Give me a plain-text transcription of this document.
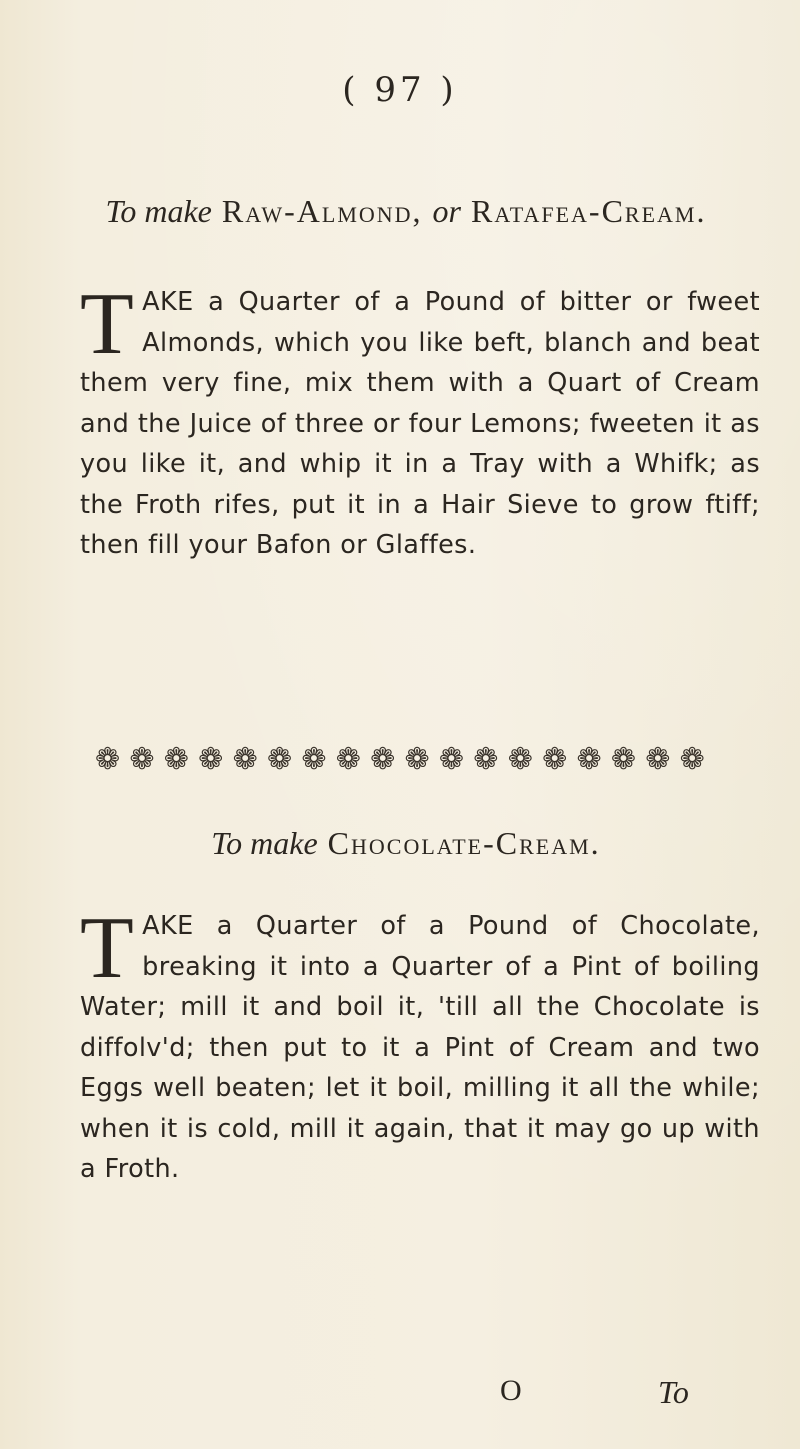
( 97 )
To make Raw-Almond, or Ratafea-Cream.
TAKE a Quarter of a Pound of bitter or fweet Almonds, which you like beft, blanch and beat them very fine, mix them with a Quart of Cream and the Juice of three or four Lemons; fweeten it as you like it, and whip it in a Tray with a Whifk; as the Froth rifes, put it in a Hair Sieve to grow ftiff; then fill your Bafon or Glaffes.
❁ ❁ ❁ ❁ ❁ ❁ ❁ ❁ ❁ ❁ ❁ ❁ ❁ ❁ ❁ ❁ ❁ ❁
To make Chocolate-Cream.
TAKE a Quarter of a Pound of Chocolate, breaking it into a Quarter of a Pint of boiling Water; mill it and boil it, 'till all the Chocolate is diffolv'd; then put to it a Pint of Cream and two Eggs well beaten; let it boil, milling it all the while; when it is cold, mill it again, that it may go up with a Froth.
O	To
